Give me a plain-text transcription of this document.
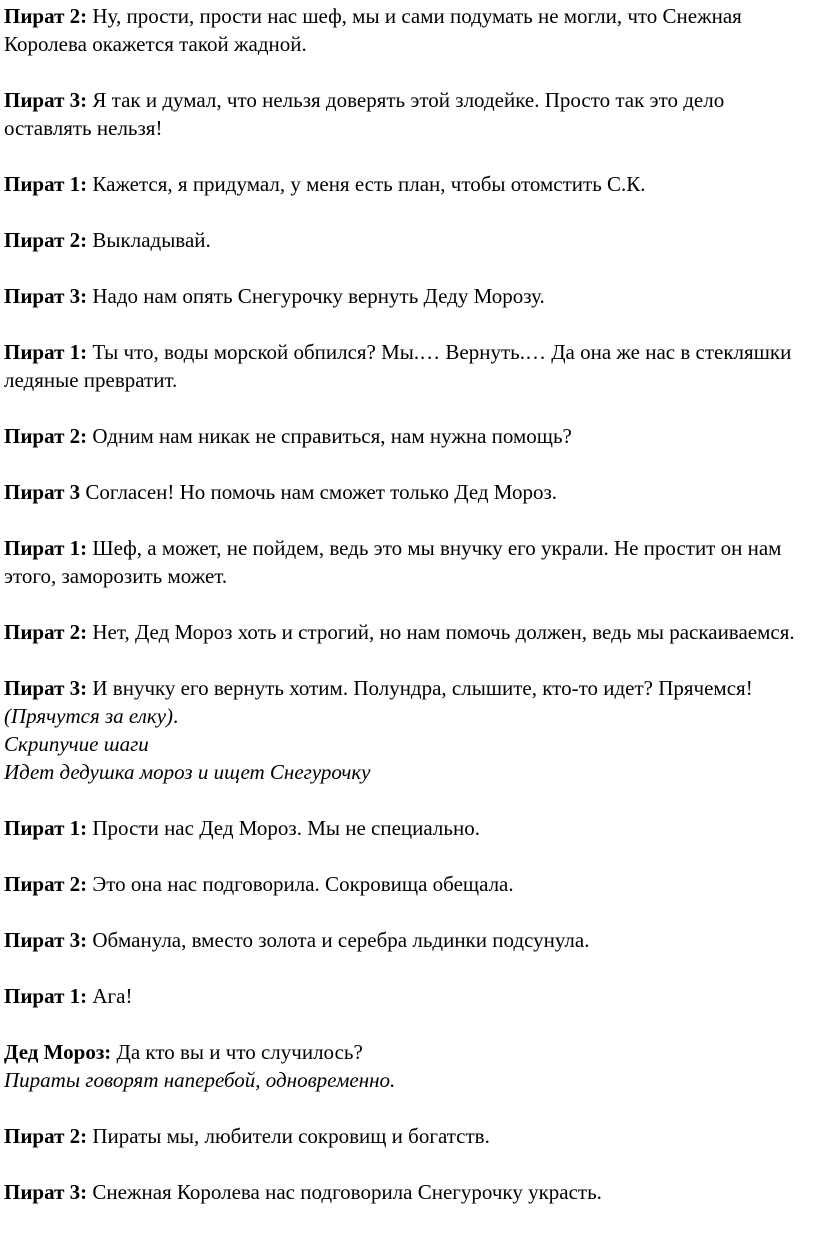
Пират 2: Ну, прости, прости нас шеф, мы и сами подумать не могли, что Снежная Королева окажется такой жадной.

Пират 3: Я так и думал, что нельзя доверять этой злодейке. Просто так это дело оставлять нельзя!

Пират 1: Кажется, я придумал, у меня есть план, чтобы отомстить С.К.

Пират 2: Выкладывай.

Пират 3: Надо нам опять Снегурочку вернуть Деду Морозу.

Пират 1: Ты что, воды морской обпился? Мы.… Вернуть.… Да она же нас в стекляшки ледяные превратит.

Пират 2: Одним нам никак не справиться, нам нужна помощь?

Пират 3 Согласен! Но помочь нам сможет только Дед Мороз.

Пират 1: Шеф, а может, не пойдем, ведь это мы внучку его украли. Не простит он нам этого, заморозить может.

Пират 2: Нет, Дед Мороз хоть и строгий, но нам помочь должен, ведь мы раскаиваемся.

Пират 3: И внучку его вернуть хотим. Полундра, слышите, кто-то идет? Прячемся! (Прячутся за елку).

Скрипучие шаги

Идет дедушка мороз и ищет Снегурочку

Пират 1: Прости нас Дед Мороз. Мы не специально.

Пират 2: Это она нас подговорила. Сокровища обещала.

Пират 3: Обманула, вместо золота и серебра льдинки подсунула.

Пират 1: Ага!

Дед Мороз: Да кто вы и что случилось?

Пираты говорят наперебой, одновременно.

Пират 2: Пираты мы, любители сокровищ и богатств.

Пират 3: Снежная Королева нас подговорила Снегурочку украсть.
